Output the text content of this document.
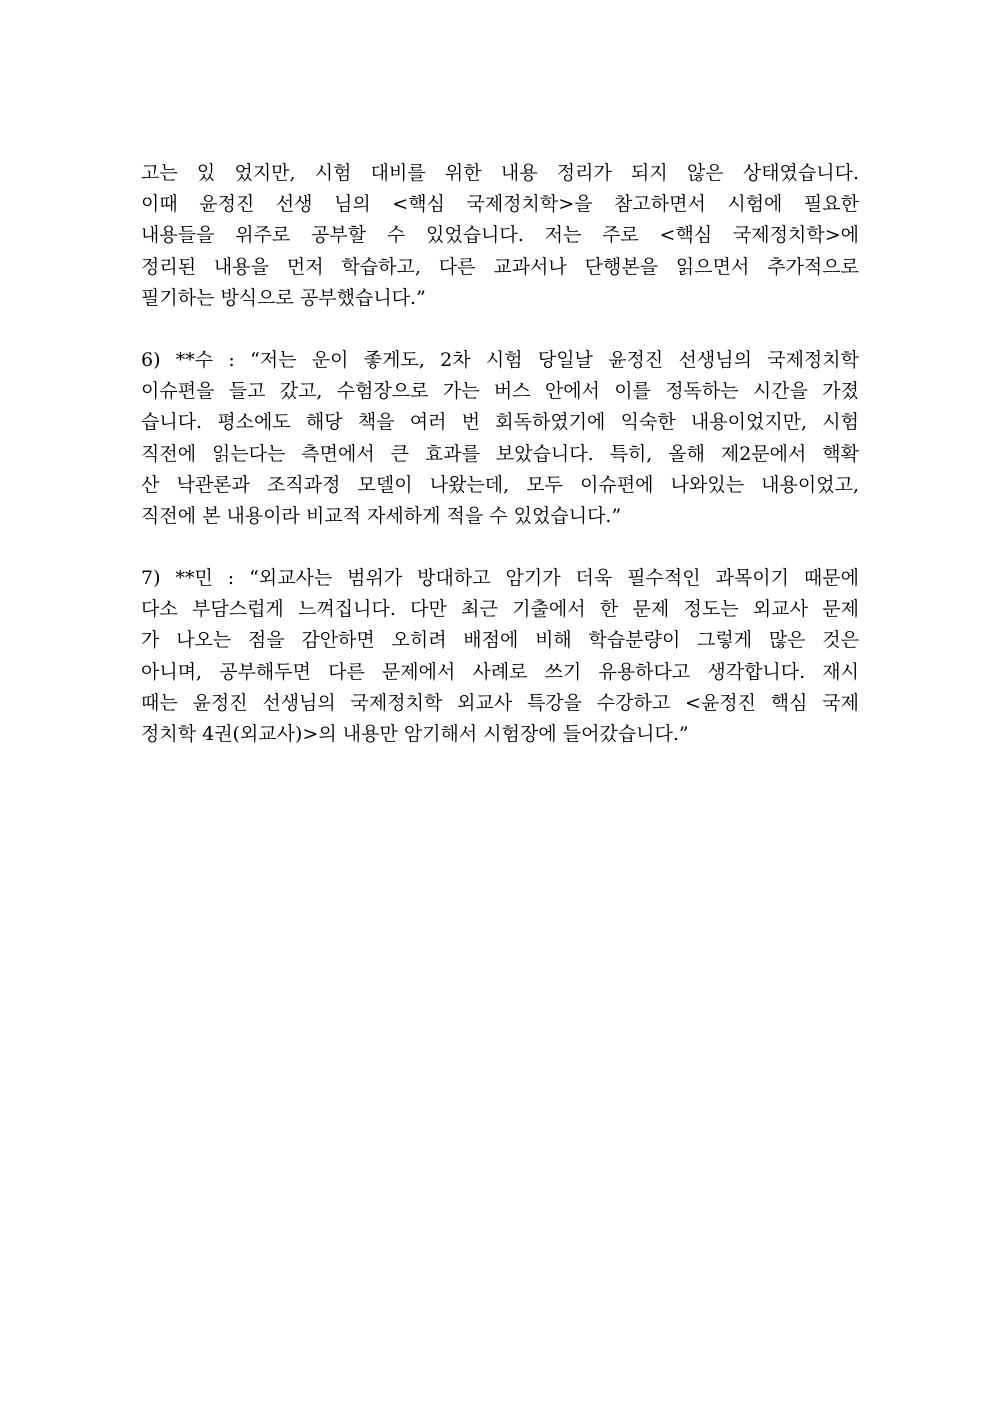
고는 있 었지만, 시험 대비를 위한 내용 정리가 되지 않은 상태였습니다.
이때 윤정진 선생 님의 <핵심 국제정치학>을 참고하면서 시험에 필요한
내용들을 위주로 공부할 수 있었습니다. 저는 주로 <핵심 국제정치학>에
정리된 내용을 먼저 학습하고, 다른 교과서나 단행본을 읽으면서 추가적으로
필기하는 방식으로 공부했습니다.”
6) **수 : “저는 운이 좋게도, 2차 시험 당일날 윤정진 선생님의 국제정치학
이슈편을 들고 갔고, 수험장으로 가는 버스 안에서 이를 정독하는 시간을 가졌
습니다. 평소에도 해당 책을 여러 번 회독하였기에 익숙한 내용이었지만, 시험
직전에 읽는다는 측면에서 큰 효과를 보았습니다. 특히, 올해 제2문에서 핵확
산 낙관론과 조직과정 모델이 나왔는데, 모두 이슈편에 나와있는 내용이었고,
직전에 본 내용이라 비교적 자세하게 적을 수 있었습니다.”
7) **민 : “외교사는 범위가 방대하고 암기가 더욱 필수적인 과목이기 때문에
다소 부담스럽게 느껴집니다. 다만 최근 기출에서 한 문제 정도는 외교사 문제
가 나오는 점을 감안하면 오히려 배점에 비해 학습분량이 그렇게 많은 것은
아니며, 공부해두면 다른 문제에서 사례로 쓰기 유용하다고 생각합니다. 재시
때는 윤정진 선생님의 국제정치학 외교사 특강을 수강하고 <윤정진 핵심 국제
정치학 4권(외교사)>의 내용만 암기해서 시험장에 들어갔습니다.”
